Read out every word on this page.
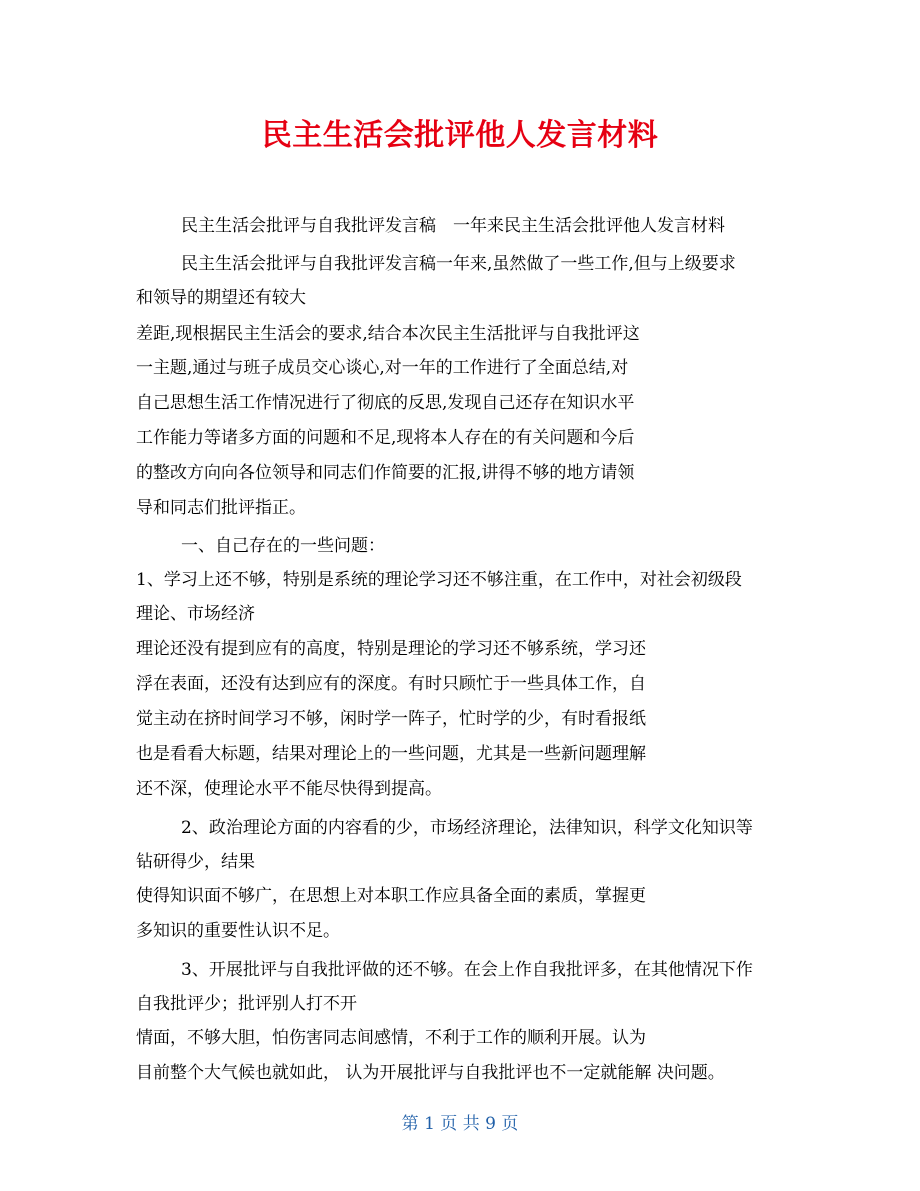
民主生活会批评他人发言材料
民主生活会批评与自我批评发言稿　一年来民主生活会批评他人发言材料
民主生活会批评与自我批评发言稿一年来,虽然做了一些工作,但与上级要求
和领导的期望还有较大
差距,现根据民主生活会的要求,结合本次民主生活批评与自我批评这
一主题,通过与班子成员交心谈心,对一年的工作进行了全面总结,对
自己思想生活工作情况进行了彻底的反思,发现自己还存在知识水平
工作能力等诸多方面的问题和不足,现将本人存在的有关问题和今后
的整改方向向各位领导和同志们作简要的汇报,讲得不够的地方请领
导和同志们批评指正。
一、自己存在的一些问题：
1、学习上还不够，特别是系统的理论学习还不够注重，在工作中，对社会初级段
理论、市场经济
理论还没有提到应有的高度，特别是理论的学习还不够系统，学习还
浮在表面，还没有达到应有的深度。有时只顾忙于一些具体工作，自
觉主动在挤时间学习不够，闲时学一阵子，忙时学的少，有时看报纸
也是看看大标题，结果对理论上的一些问题，尤其是一些新问题理解
还不深，使理论水平不能尽快得到提高。
2、政治理论方面的内容看的少，市场经济理论，法律知识，科学文化知识等
钻研得少，结果
使得知识面不够广，在思想上对本职工作应具备全面的素质，掌握更
多知识的重要性认识不足。
3、开展批评与自我批评做的还不够。在会上作自我批评多，在其他情况下作
自我批评少；批评别人打不开
情面，不够大胆，怕伤害同志间感情，不利于工作的顺利开展。认为
目前整个大气候也就如此， 认为开展批评与自我批评也不一定就能解 决问题。
第 1 页 共 9 页
